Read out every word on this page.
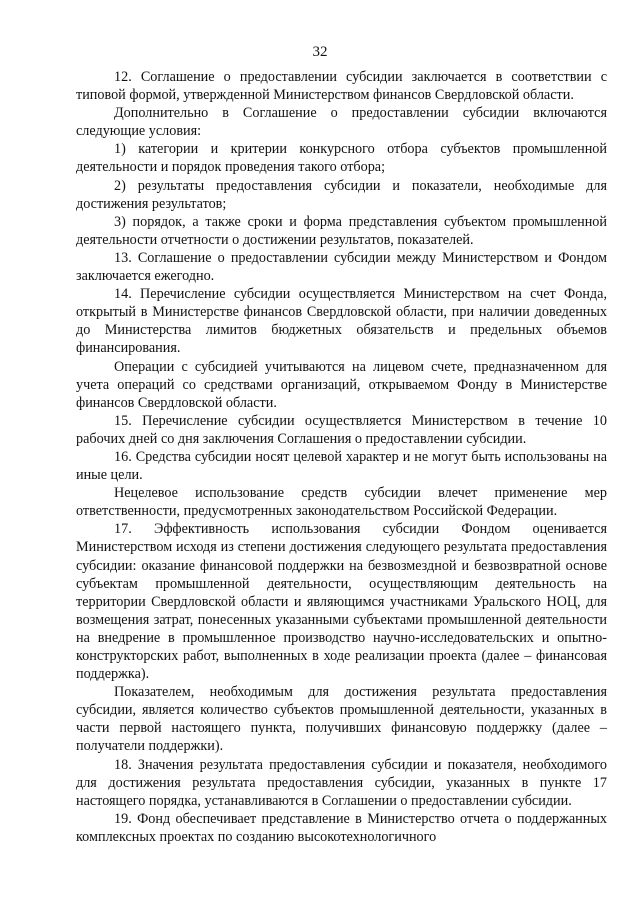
32

12. Соглашение о предоставлении субсидии заключается в соответствии с типовой формой, утвержденной Министерством финансов Свердловской области.

Дополнительно в Соглашение о предоставлении субсидии включаются следующие условия:

1) категории и критерии конкурсного отбора субъектов промышленной деятельности и порядок проведения такого отбора;

2) результаты предоставления субсидии и показатели, необходимые для достижения результатов;

3) порядок, а также сроки и форма представления субъектом промышленной деятельности отчетности о достижении результатов, показателей.

13. Соглашение о предоставлении субсидии между Министерством и Фондом заключается ежегодно.

14. Перечисление субсидии осуществляется Министерством на счет Фонда, открытый в Министерстве финансов Свердловской области, при наличии доведенных до Министерства лимитов бюджетных обязательств и предельных объемов финансирования.

Операции с субсидией учитываются на лицевом счете, предназначенном для учета операций со средствами организаций, открываемом Фонду в Министерстве финансов Свердловской области.

15. Перечисление субсидии осуществляется Министерством в течение 10 рабочих дней со дня заключения Соглашения о предоставлении субсидии.

16. Средства субсидии носят целевой характер и не могут быть использованы на иные цели.

Нецелевое использование средств субсидии влечет применение мер ответственности, предусмотренных законодательством Российской Федерации.

17. Эффективность использования субсидии Фондом оценивается Министерством исходя из степени достижения следующего результата предоставления субсидии: оказание финансовой поддержки на безвозмездной и безвозвратной основе субъектам промышленной деятельности, осуществляющим деятельность на территории Свердловской области и являющимся участниками Уральского НОЦ, для возмещения затрат, понесенных указанными субъектами промышленной деятельности на внедрение в промышленное производство научно-исследовательских и опытно-конструкторских работ, выполненных в ходе реализации проекта (далее – финансовая поддержка).

Показателем, необходимым для достижения результата предоставления субсидии, является количество субъектов промышленной деятельности, указанных в части первой настоящего пункта, получивших финансовую поддержку (далее – получатели поддержки).

18. Значения результата предоставления субсидии и показателя, необходимого для достижения результата предоставления субсидии, указанных в пункте 17 настоящего порядка, устанавливаются в Соглашении о предоставлении субсидии.

19. Фонд обеспечивает представление в Министерство отчета о поддержанных комплексных проектах по созданию высокотехнологичного
